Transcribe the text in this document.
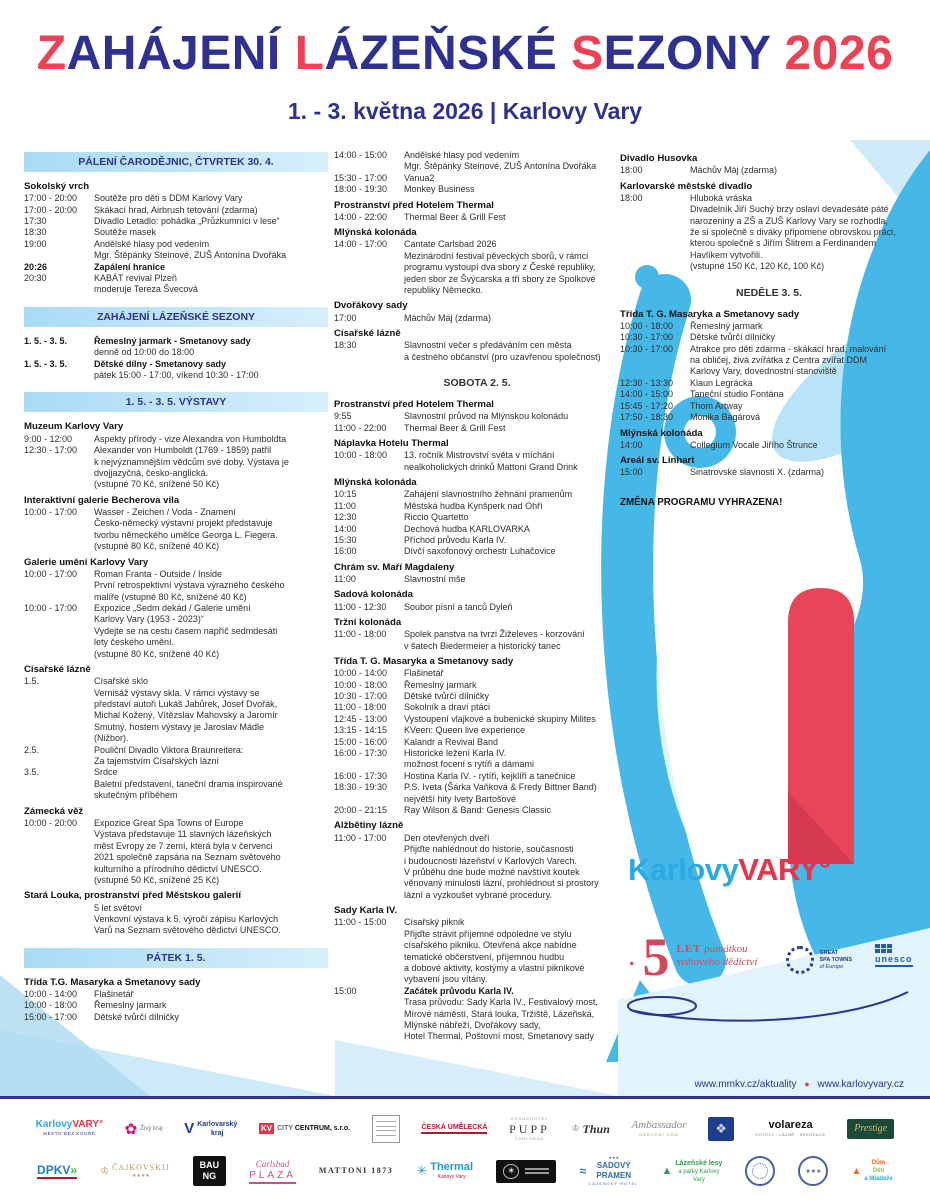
ZAHÁJENÍ LÁZEŇSKÉ SEZONY 2026
1. - 3. května 2026 | Karlovy Vary
PÁLENÍ ČARODĚJNIC, ČTVRTEK 30. 4.
Sokolský vrch
17:00 - 20:00	Soutěže pro děti s DDM Karlovy Vary
17:00 - 20:00	Skákací hrad, Airbrush tetování (zdarma)
17:30	Divadlo Letadlo: pohádka „Průzkumníci v lese“
18:30	Soutěže masek
19:00	Andělské hlasy pod vedením
Mgr. Štěpánky Steinové, ZUŠ Antonína Dvořáka
20:26	Zapálení hranice
20:30	KABÁT revival Plzeň
moderuje Tereza Švecová
ZAHÁJENÍ LÁZEŇSKÉ SEZONY
1. 5. - 3. 5.	Řemeslný jarmark - Smetanovy sady
denně od 10:00 do 18:00
1. 5. - 3. 5.	Dětské dílny - Smetanovy sady
pátek 15:00 - 17:00, víkend 10:30 - 17:00
1. 5. - 3. 5. VÝSTAVY
Muzeum Karlovy Vary
9:00 - 12:00	Aspekty přírody - vize Alexandra von Humboldta
12:30 - 17:00	Alexander von Humboldt (1769 - 1859) patřil
k nejvýznamnějším vědcům své doby. Výstava je
dvojjazyčná, česko-anglická.
(vstupné 70 Kč, snížené 50 Kč)
Interaktivní galerie Becherova vila
10:00 - 17:00	Wasser - Zeichen / Voda - Znamení
Česko-německý výstavní projekt představuje
tvorbu německého umělce Georga L. Fiegera.
(vstupné 80 Kč, snížené 40 Kč)
Galerie umění Karlovy Vary
10:00 - 17:00	Roman Franta - Outside / Inside
První retrospektivní výstava výrazného českého
malíře (vstupné 80 Kč, snížené 40 Kč)
10:00 - 17:00	Expozice „Sedm dekád / Galerie umění
Karlovy Vary (1953 - 2023)“
Vydejte se na cestu časem napříč sedmdesáti
lety českého umění.
(vstupné 80 Kč, snížené 40 Kč)
Císařské lázně
1.5.	Císařské sklo
Vernisáž výstavy skla. V rámci výstavy se
představí autoři Lukáš Jabůrek, Josef Dvořák,
Michal Kožený, Vítězslav Mahovský a Jaromír
Smutný, hostem výstavy je Jaroslav Mádle
(Nižbor).
2.5.	Pouliční Divadlo Viktora Braunreitera:
Za tajemstvím Císařských lázní
3.5.	Srdce
Baletní představení, taneční drama inspirované
skutečným příběhem
Zámecká věž
10:00 - 20:00	Expozice Great Spa Towns of Europe
Výstava představuje 11 slavných lázeňských
měst Evropy ze 7 zemí, která byla v červenci
2021 společně zapsána na Seznam světového
kulturního a přírodního dědictví UNESCO.
(vstupné 50 Kč, snížené 25 Kč)
Stará Louka, prostranství před Městskou galerií
5 let světoví
Venkovní výstava k 5. výročí zápisu Karlových
Varů na Seznam světového dědictví UNESCO.
PÁTEK 1. 5.
Třída T.G. Masaryka a Smetanovy sady
10:00 - 14:00	Flašinetář
10:00 - 18:00	Řemeslný jarmark
15:00 - 17:00	Dětské tvůrčí dílničky
14:00 - 15:00	Andělské hlasy pod vedením
Mgr. Štěpánky Steinové, ZUŠ Antonína Dvořáka
15:30 - 17:00	Vanua2
18:00 - 19:30	Monkey Business
Prostranství před Hotelem Thermal
14:00 - 22:00	Thermal Beer & Grill Fest
Mlýnská kolonáda
14:00 - 17:00	Cantate Carlsbad 2026
Mezinárodní festival pěveckých sborů, v rámci
programu vystoupí dva sbory z České republiky,
jeden sbor ze Švýcarska a tři sbory ze Spolkové
republiky Německo.
Dvořákovy sady
17:00	Máchův Máj (zdarma)
Císařské lázně
18:30	Slavnostní večer s předáváním cen města
a čestného občanství (pro uzavřenou společnost)
SOBOTA 2. 5.
Prostranství před Hotelem Thermal
9:55	Slavnostní průvod na Mlýnskou kolonádu
11:00 - 22:00	Thermal Beer & Grill Fest
Náplavka Hotelu Thermal
10:00 - 18:00	13. ročník Mistrovství světa v míchání
nealkoholických drinků Mattoni Grand Drink
Mlýnská kolonáda
10:15	Zahájení slavnostního žehnání pramenům
11:00	Městská hudba Kynšperk nad Ohří
12:30	Riccio Quartetto
14:00	Dechová hudba KARLOVARKA
15:30	Příchod průvodu Karla IV.
16:00	Dívčí saxofonový orchestr Luhačovice
Chrám sv. Maří Magdaleny
11:00	Slavnostní mše
Sadová kolonáda
11:00 - 12:30	Soubor písní a tanců Dyleň
Tržní kolonáda
11:00 - 18:00	Spolek panstva na tvrzi Žiželeves - korzování
v šatech Biedermeier a historický tanec
Třída T. G. Masaryka a Smetanovy sady
10:00 - 14:00	Flašinetář
10:00 - 18:00	Řemeslný jarmark
10:30 - 17:00	Dětské tvůrčí dílničky
11:00 - 18:00	Sokolník a draví ptáci
12:45 - 13:00	Vystoupení vlajkové a bubenické skupiny Milites
13:15 - 14:15	KVeen: Queen live experience
15:00 - 16:00	Kalandr a Revival Band
16:00 - 17:30	Historické ležení Karla IV.
možnost focení s rytíři a dámami
16:00 - 17:30	Hostina Karla IV. - rytíři, kejklíři a tanečnice
18:30 - 19:30	P.S. Iveta (Šárka Vaňková & Fredy Bittner Band)
největší hity Ivety Bartošové
20:00 - 21:15	Ray Wilson & Band: Genesis Classic
Alžbětiny lázně
11:00 - 17:00	Den otevřených dveří
Přijďte nahlédnout do historie, současnosti
i budoucnosti lázeňství v Karlových Varech.
V průběhu dne bude možné navštívit koutek
věnovaný minulosti lázní, prohlédnout si prostory
lázní a vyzkoušet vybrané procedury.
Sady Karla IV.
11:00 - 15:00	Císařský piknik
Přijďte strávit příjemné odpoledne ve stylu
císařského pikniku. Otevřená akce nabídne
tematické občerstvení, příjemnou hudbu
a dobové aktivity, kostýmy a vlastní piknikové
vybavení jsou vítány.
15:00	Začátek průvodu Karla IV.
Trasa průvodu: Sady Karla IV., Festivalový most,
Mírové náměstí, Stará louka, Tržiště, Lázeňská,
Mlýnské nábřeží, Dvořákovy sady,
Hotel Thermal, Poštovní most, Smetanovy sady
Divadlo Husovka
18:00	Máchův Máj (zdarma)
Karlovarské městské divadlo
18:00	Hluboká vráska
Divadelník Jiří Suchý brzy oslaví devadesáté páté
narozeniny a ZŠ a ZUŠ Karlovy Vary se rozhodla,
že si společně s diváky připomene obrovskou práci,
kterou společně s Jiřím Šlitrem a Ferdinandem
Havlíkem vytvořili.
(vstupné 150 Kč, 120 Kč, 100 Kč)
NEDĚLE 3. 5.
Třída T. G. Masaryka a Smetanovy sady
10:00 - 18:00	Řemeslný jarmark
10:30 - 17:00	Dětské tvůrčí dílničky
10:30 - 17:00	Atrakce pro děti zdarma - skákací hrad, malování
na obličej, živá zvířátka z Centra zvířat DDM
Karlovy Vary, dovednostní stanoviště
12:30 - 13:30	Klaun Legrácka
14:00 - 15:00	Taneční studio Fontána
15:45 - 17:20	Thom Artway
17:50 - 18:30	Monika Bagárová
Mlýnská kolonáda
14:00	Collegium Vocale Jiřího Štrunce
Areál sv. Linhart
15:00	Sinatrovské slavnosti X. (zdarma)
ZMĚNA PROGRAMU VYHRAZENA!
KarlovyVARY°
. 5 LET památkou
světového dědictví
GREAT
SPA TOWNS
of Europe
unesco
www.mmkv.cz/aktuality ● www.karlovyvary.cz
KarlovyVARY°
MĚSTO BEZ KOUŘE	✿ Živý kraj V Karlovarský
kraj	KV CITY CENTRUM, s.r.o.	ČESKÁ UMĚLECKÁ
GRANDHOTEL
PUPP
CARLSBAD
♔ Thun Ambassador
NÁRODNÍ DŮM	❖	volareza
HOTELY · LÁZNĚ · REKREACE
Prestige
DPKV» ♔ ČAJKOVSKIJ
★★★★
BAU
NG
Carlsbad
PLAZA	MATTONI 1873 ✳ Thermal
Karlovy Vary
✶	≈
★★★
SADOVÝ
PRAMEN
LÁZEŇSKÝ HOTEL
▲
Lázeňské lesy
a parky Karlovy
Vary
★★★	▲
Dům
Dětí
a Mládeže
